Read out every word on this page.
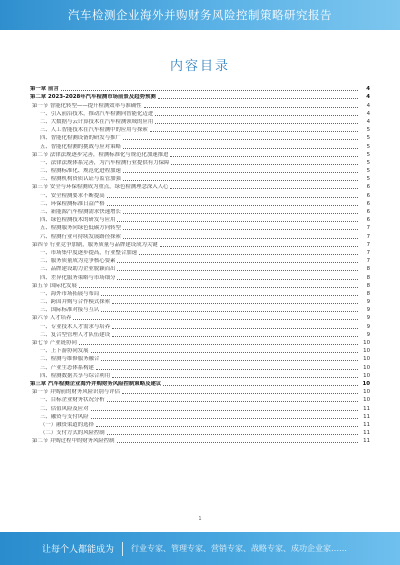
汽车检测企业海外并购财务风险控制策略研究报告
内容目录
第一章 前言	4
第二章 2023-2028年汽车检测市场前景及趋势预测	4
第一节 智能化转型——提升检测效率与准确性	4
一、引入前沿技术，推动汽车检测向智能化迈进	4
二、大数据与云计算技术在汽车检测领域的应用	4
三、人工智能技术在汽车检测中的应用与探索	5
四、智能化检测设备的研发与推广	5
五、智能化检测的挑战与应对策略	5
第二节 法律法规逐步完善，检测标准化与规范化加速推进	5
一、法律法规体系完善，为汽车检测行业提供有力保障	5
二、检测标准化、规范化进程加速	5
三、检测机构资质认证与监管加强	5
第三节 安全与环保检测成为重点，绿色检测理念深入人心	6
一、安全检测要求不断提高	6
二、环保检测标准日益严格	6
三、新能源汽车检测需求快速增长	6
四、绿色检测技术的研发与应用	6
五、检测服务向绿色低碳方向转型	7
六、检测行业可持续发展路径探索	7
第四节 行业竞争加剧，服务质量与品牌建设成为关键	7
一、市场集中度逐步提高，行业整合加速	7
二、服务质量成为竞争核心要素	7
三、品牌建设助力企业脱颖而出	8
四、差异化服务策略与市场细分	8
第五节 国际化发展	8
一、海外市场拓展与布局	8
二、跨国并购与合作模式探索	9
三、国际标准对接与互认	9
第六节 人才培养	9
一、专业技术人才需求与培养	9
二、复合型管理人才队伍建设	9
第七节 产业链协同	10
一、上下游协同发展	10
二、检测与维修服务融合	10
三、产业生态体系构建	10
四、检测数据共享与综合利用	10
第三章 汽车检测企业海外并购财务风险控制策略及建议	10
第一节 并购前的财务风险识别与评估	10
一、目标企业财务状况分析	10
二、估值风险及应对	11
三、融资与支付风险	11
（一）融资渠道的选择	11
（二）支付方式的风险控制	11
第二节 并购过程中的财务风险控制	11
1
让每个人都能成为 行业专家、管理专家、营销专家、战略专家、成功企业家……
